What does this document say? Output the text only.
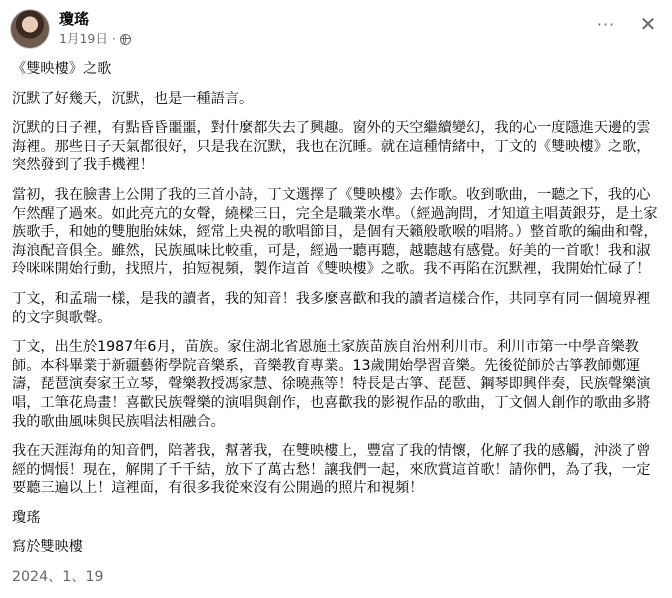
瓊瑤
1月19日 ·
··· ✕

《雙映樓》之歌

沉默了好幾天，沉默，也是一種語言。

沉默的日子裡，有點昏昏噩噩，對什麼都失去了興趣。窗外的天空繼續變幻，我的心一度隱進天邊的雲海裡。那些日子天氣都很好，只是我在沉默，我也在沉睡。就在這種情緒中，丁文的《雙映樓》之歌，突然發到了我手機裡！

當初，我在臉書上公開了我的三首小詩，丁文選擇了《雙映樓》去作歌。收到歌曲，一聽之下，我的心乍然醒了過來。如此亮亢的女聲，繞樑三日，完全是職業水準。（經過詢問，才知道主唱黃銀芬，是土家族歌手，和她的雙胞胎妹妹，經常上央視的歌唱節目，是個有天籟般歌喉的唱將。）整首歌的編曲和聲，海浪配音俱全。雖然，民族風味比較重，可是，經過一聽再聽，越聽越有感覺。好美的一首歌！我和淑玲咪咪開始行動，找照片，拍短視頻，製作這首《雙映樓》之歌。我不再陷在沉默裡，我開始忙碌了！

丁文，和孟瑞一樣，是我的讀者，我的知音！我多麼喜歡和我的讀者這樣合作，共同享有同一個境界裡的文字與歌聲。

丁文，出生於1987年6月，苗族。家住湖北省恩施土家族苗族自治州利川市。利川市第一中學音樂教師。本科畢業于新疆藝術學院音樂系，音樂教育專業。13歲開始學習音樂。先後從師於古箏教師鄭運濤，琵琶演奏家王立琴，聲樂教授馮家慧、徐曉燕等！特長是古箏、琵琶、鋼琴即興伴奏，民族聲樂演唱，工筆花鳥畫！喜歡民族聲樂的演唱與創作，也喜歡我的影視作品的歌曲，丁文個人創作的歌曲多將我的歌曲風味與民族唱法相融合。

我在天涯海角的知音們，陪著我，幫著我，在雙映樓上，豐富了我的情懷，化解了我的感觸，沖淡了曾經的惆悵！現在，解開了千千結，放下了萬古愁！讓我們一起，來欣賞這首歌！請你們，為了我，一定要聽三遍以上！這裡面，有很多我從來沒有公開過的照片和視頻！

瓊瑤

寫於雙映樓

2024、1、19
